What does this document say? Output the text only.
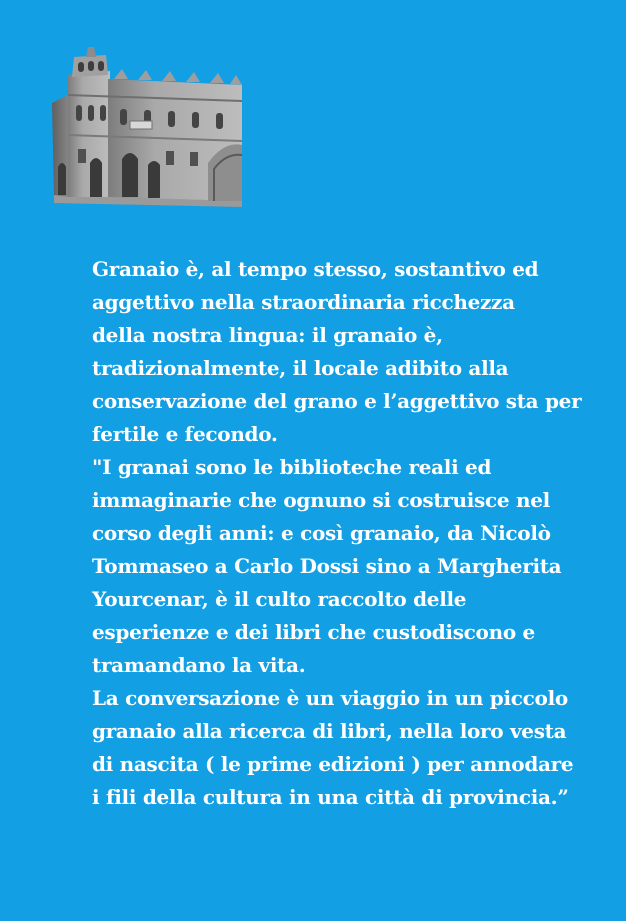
Granaio è, al tempo stesso, sostantivo ed
aggettivo nella straordinaria ricchezza
della nostra lingua: il granaio è,
tradizionalmente, il locale adibito alla
conservazione del grano e l’aggettivo sta per
fertile e fecondo.
"I granai sono le biblioteche reali ed
immaginarie che ognuno si costruisce nel
corso degli anni: e così granaio, da Nicolò
Tommaseo a Carlo Dossi sino a Margherita
Yourcenar, è il culto raccolto delle
esperienze e dei libri che custodiscono e
tramandano la vita.
La conversazione è un viaggio in un piccolo
granaio alla ricerca di libri, nella loro vesta
di nascita ( le prime edizioni ) per annodare
i fili della cultura in una città di provincia.”
